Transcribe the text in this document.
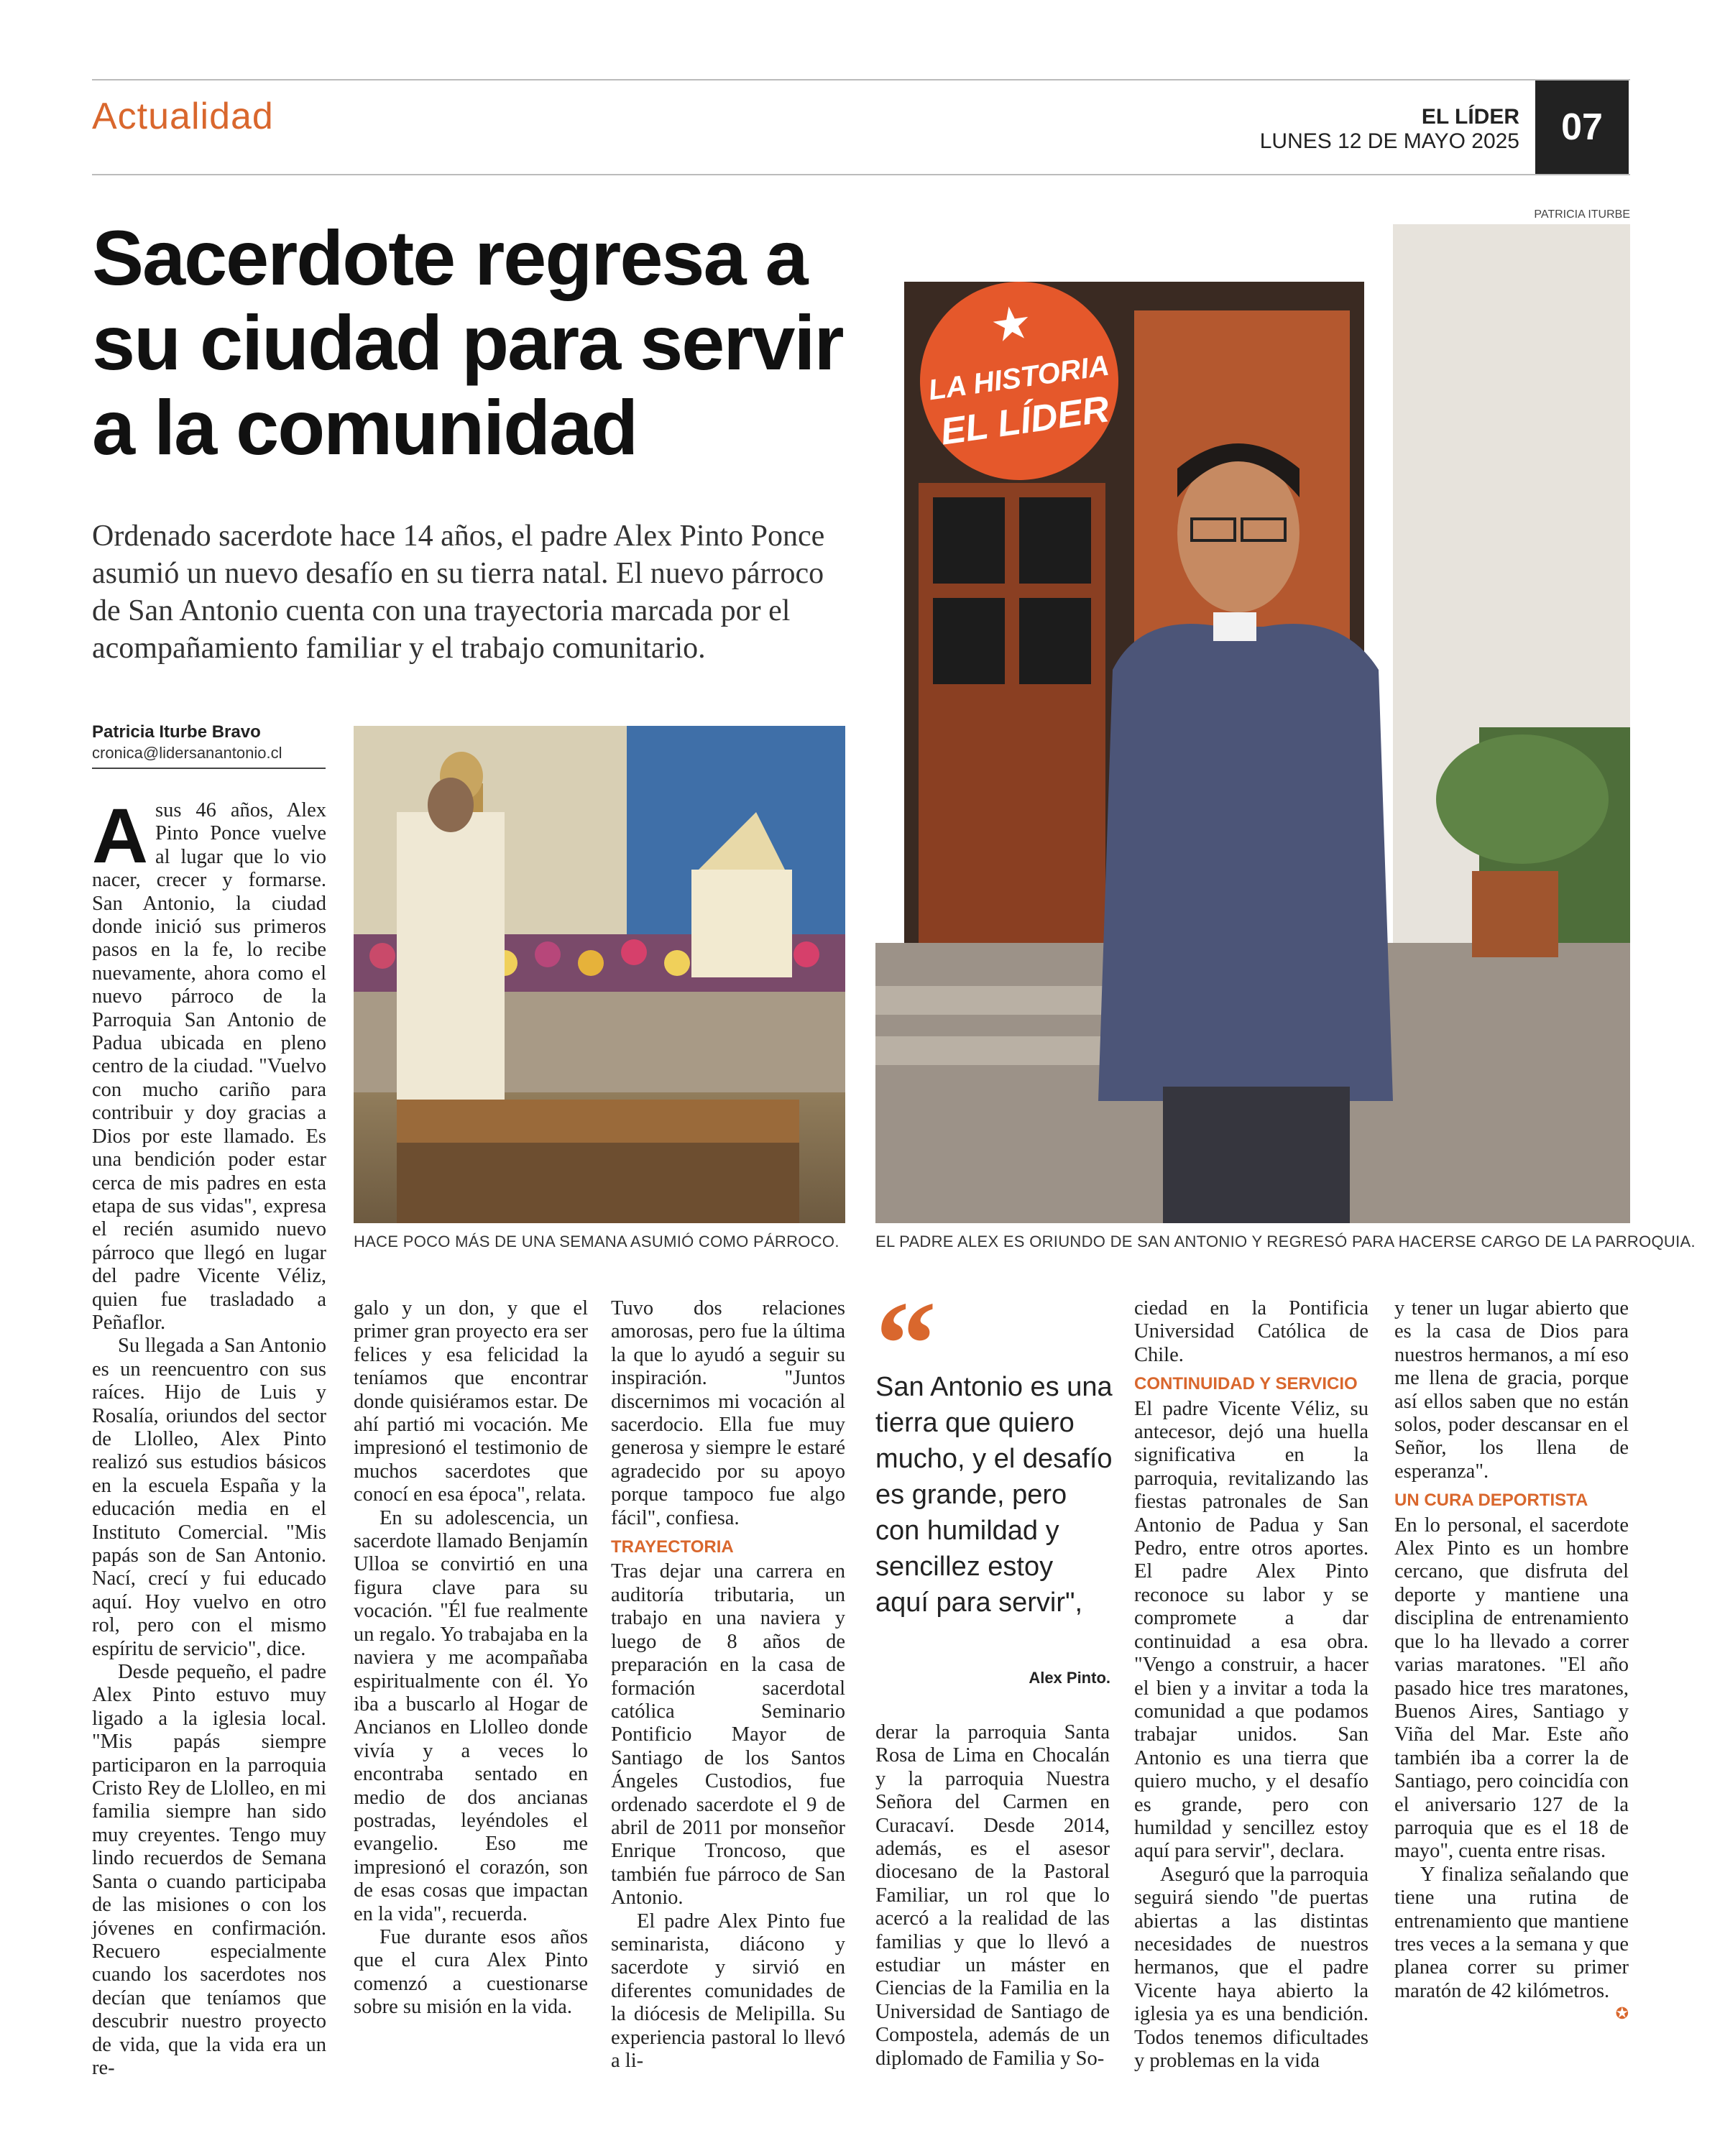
Actualidad	EL LÍDER
LUNES 12 DE MAYO 2025	07
Sacerdote regresa a su ciudad para servir a la comunidad
Ordenado sacerdote hace 14 años, el padre Alex Pinto Ponce asumió un nuevo desafío en su tierra natal. El nuevo párroco de San Antonio cuenta con una trayectoria marcada por el acompañamiento familiar y el trabajo comunitario.
Patricia Iturbe Bravo
cronica@lidersanantonio.cl
HACE POCO MÁS DE UNA SEMANA ASUMIÓ COMO PÁRROCO.
PATRICIA ITURBE
★
LA HISTORIA
EL LÍDER
EL PADRE ALEX ES ORIUNDO DE SAN ANTONIO Y REGRESÓ PARA HACERSE CARGO DE LA PARROQUIA.
A sus 46 años, Alex Pinto Ponce vuelve al lugar que lo vio nacer, crecer y formarse. San Antonio, la ciudad donde inició sus primeros pasos en la fe, lo recibe nuevamente, ahora como el nuevo párroco de la Parroquia San Antonio de Padua ubicada en pleno centro de la ciudad. "Vuelvo con mucho cariño para contribuir y doy gracias a Dios por este llamado. Es una bendición poder estar cerca de mis padres en esta etapa de sus vidas", expresa el recién asumido nuevo párroco que llegó en lugar del padre Vicente Véliz, quien fue trasladado a Peñaflor.

Su llegada a San Antonio es un reencuentro con sus raíces. Hijo de Luis y Rosalía, oriundos del sector de Llolleo, Alex Pinto realizó sus estudios básicos en la escuela España y la educación media en el Instituto Comercial. "Mis papás son de San Antonio. Nací, crecí y fui educado aquí. Hoy vuelvo en otro rol, pero con el mismo espíritu de servicio", dice.

Desde pequeño, el padre Alex Pinto estuvo muy ligado a la iglesia local. "Mis papás siempre participaron en la parroquia Cristo Rey de Llolleo, en mi familia siempre han sido muy creyentes. Tengo muy lindo recuerdos de Semana Santa o cuando participaba de las misiones o con los jóvenes en confirmación. Recuero especialmente cuando los sacerdotes nos decían que teníamos que descubrir nuestro proyecto de vida, que la vida era un re-

galo y un don, y que el primer gran proyecto era ser felices y esa felicidad la teníamos que encontrar donde quisiéramos estar. De ahí partió mi vocación. Me impresionó el testimonio de muchos sacerdotes que conocí en esa época", relata.

En su adolescencia, un sacerdote llamado Benjamín Ulloa se convirtió en una figura clave para su vocación. "Él fue realmente un regalo. Yo trabajaba en la naviera y me acompañaba espiritualmente con él. Yo iba a buscarlo al Hogar de Ancianos en Llolleo donde vivía y a veces lo encontraba sentado en medio de dos ancianas postradas, leyéndoles el evangelio. Eso me impresionó el corazón, son de esas cosas que impactan en la vida", recuerda.

Fue durante esos años que el cura Alex Pinto comenzó a cuestionarse sobre su misión en la vida.

Tuvo dos relaciones amorosas, pero fue la última la que lo ayudó a seguir su inspiración. "Juntos discernimos mi vocación al sacerdocio. Ella fue muy generosa y siempre le estaré agradecido por su apoyo porque tampoco fue algo fácil", confiesa.

TRAYECTORIA

Tras dejar una carrera en auditoría tributaria, un trabajo en una naviera y luego de 8 años de preparación en la casa de formación sacerdotal católica Seminario Pontificio Mayor de Santiago de los Santos Ángeles Custodios, fue ordenado sacerdote el 9 de abril de 2011 por monseñor Enrique Troncoso, que también fue párroco de San Antonio.

El padre Alex Pinto fue seminarista, diácono y sacerdote y sirvió en diferentes comunidades de la diócesis de Melipilla. Su experiencia pastoral lo llevó a li-

“
San Antonio es una tierra que quiero mucho, y el desafío es grande, pero con humildad y sencillez estoy aquí para servir",
Alex Pinto.

derar la parroquia Santa Rosa de Lima en Chocalán y la parroquia Nuestra Señora del Carmen en Curacaví. Desde 2014, además, es el asesor diocesano de la Pastoral Familiar, un rol que lo acercó a la realidad de las familias y que lo llevó a estudiar un máster en Ciencias de la Familia en la Universidad de Santiago de Compostela, además de un diplomado de Familia y So-

ciedad en la Pontificia Universidad Católica de Chile.

CONTINUIDAD Y SERVICIO

El padre Vicente Véliz, su antecesor, dejó una huella significativa en la parroquia, revitalizando las fiestas patronales de San Antonio de Padua y San Pedro, entre otros aportes. El padre Alex Pinto reconoce su labor y se compromete a dar continuidad a esa obra. "Vengo a construir, a hacer el bien y a invitar a toda la comunidad a que podamos trabajar unidos. San Antonio es una tierra que quiero mucho, y el desafío es grande, pero con humildad y sencillez estoy aquí para servir", declara.

Aseguró que la parroquia seguirá siendo "de puertas abiertas a las distintas necesidades de nuestros hermanos, que el padre Vicente haya abierto la iglesia ya es una bendición. Todos tenemos dificultades y problemas en la vida

y tener un lugar abierto que es la casa de Dios para nuestros hermanos, a mí eso me llena de gracia, porque así ellos saben que no están solos, poder descansar en el Señor, los llena de esperanza".

UN CURA DEPORTISTA

En lo personal, el sacerdote Alex Pinto es un hombre cercano, que disfruta del deporte y mantiene una disciplina de entrenamiento que lo ha llevado a correr varias maratones. "El año pasado hice tres maratones, Buenos Aires, Santiago y Viña del Mar. Este año también iba a correr la de Santiago, pero coincidía con el aniversario 127 de la parroquia que es el 18 de mayo", cuenta entre risas.

Y finaliza señalando que tiene una rutina de entrenamiento que mantiene tres veces a la semana y que planea correr su primer maratón de 42 kilómetros.

✪
